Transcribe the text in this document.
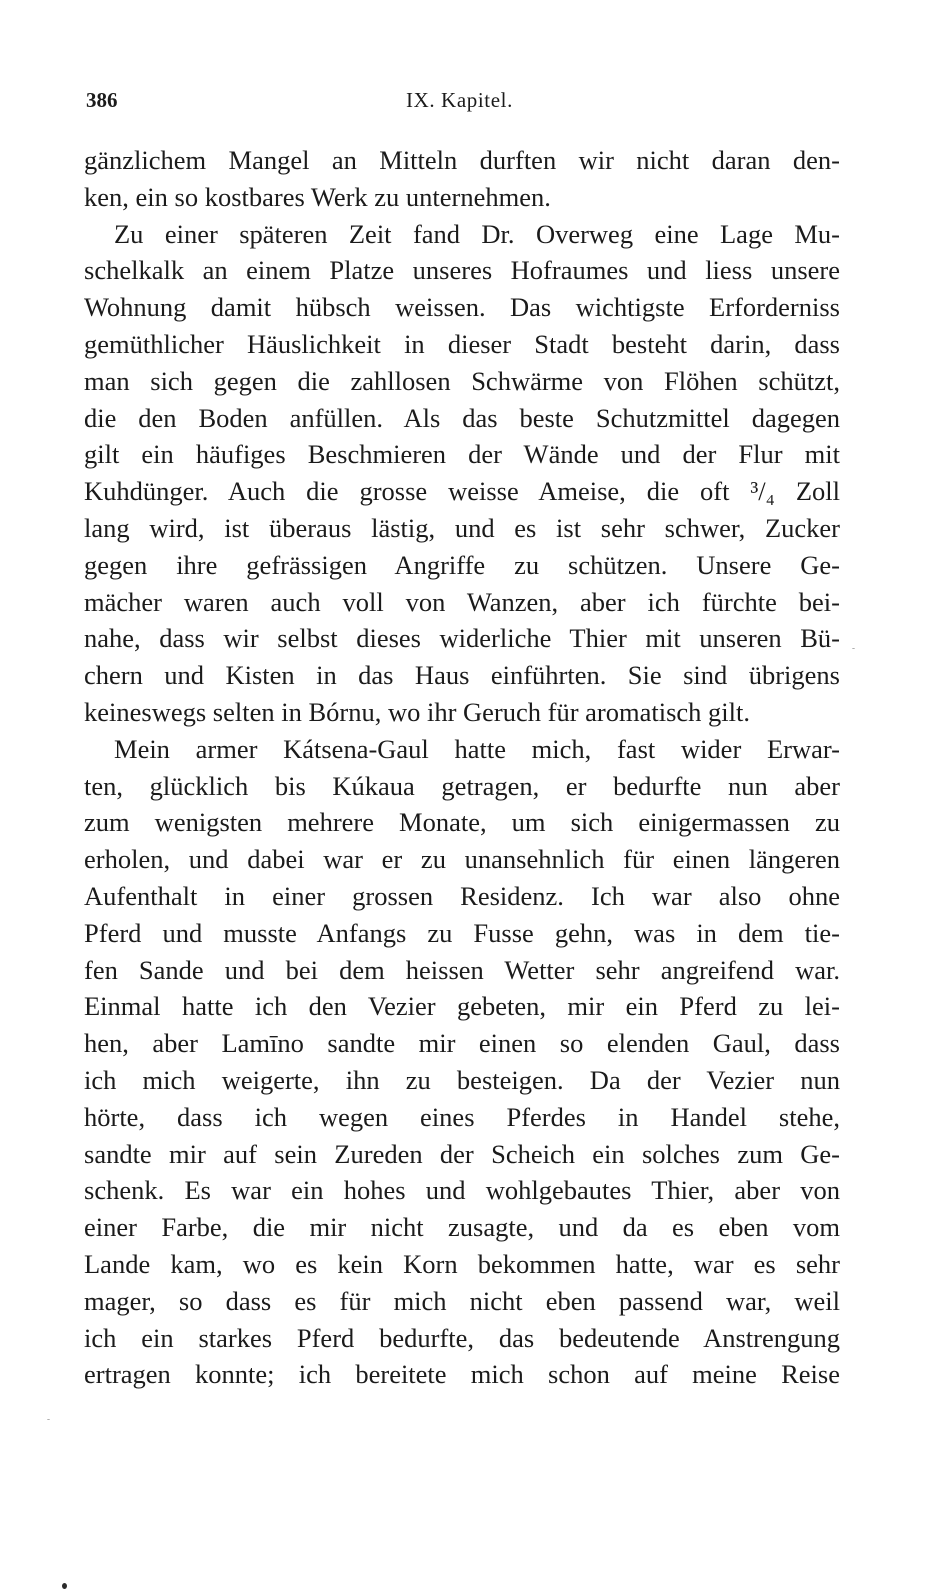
386	IX. Kapitel.
gänzlichem Mangel an Mitteln durften wir nicht daran den-
ken, ein so kostbares Werk zu unternehmen.
Zu einer späteren Zeit fand Dr. Overweg eine Lage Mu-
schelkalk an einem Platze unseres Hofraumes und liess unsere
Wohnung damit hübsch weissen. Das wichtigste Erforderniss
gemüthlicher Häuslichkeit in dieser Stadt besteht darin, dass
man sich gegen die zahllosen Schwärme von Flöhen schützt,
die den Boden anfüllen. Als das beste Schutzmittel dagegen
gilt ein häufiges Beschmieren der Wände und der Flur mit
Kuhdünger. Auch die grosse weisse Ameise, die oft ³/₄ Zoll
lang wird, ist überaus lästig, und es ist sehr schwer, Zucker
gegen ihre gefrässigen Angriffe zu schützen. Unsere Ge-
mächer waren auch voll von Wanzen, aber ich fürchte bei-
nahe, dass wir selbst dieses widerliche Thier mit unseren Bü-
chern und Kisten in das Haus einführten. Sie sind übrigens
keineswegs selten in Bórnu, wo ihr Geruch für aromatisch gilt.
Mein armer Kátsena-Gaul hatte mich, fast wider Erwar-
ten, glücklich bis Kúkaua getragen, er bedurfte nun aber
zum wenigsten mehrere Monate, um sich einigermassen zu
erholen, und dabei war er zu unansehnlich für einen längeren
Aufenthalt in einer grossen Residenz. Ich war also ohne
Pferd und musste Anfangs zu Fusse gehn, was in dem tie-
fen Sande und bei dem heissen Wetter sehr angreifend war.
Einmal hatte ich den Vezier gebeten, mir ein Pferd zu lei-
hen, aber Lamīno sandte mir einen so elenden Gaul, dass
ich mich weigerte, ihn zu besteigen. Da der Vezier nun
hörte, dass ich wegen eines Pferdes in Handel stehe,
sandte mir auf sein Zureden der Scheich ein solches zum Ge-
schenk. Es war ein hohes und wohlgebautes Thier, aber von
einer Farbe, die mir nicht zusagte, und da es eben vom
Lande kam, wo es kein Korn bekommen hatte, war es sehr
mager, so dass es für mich nicht eben passend war, weil
ich ein starkes Pferd bedurfte, das bedeutende Anstrengung
ertragen konnte; ich bereitete mich schon auf meine Reise
